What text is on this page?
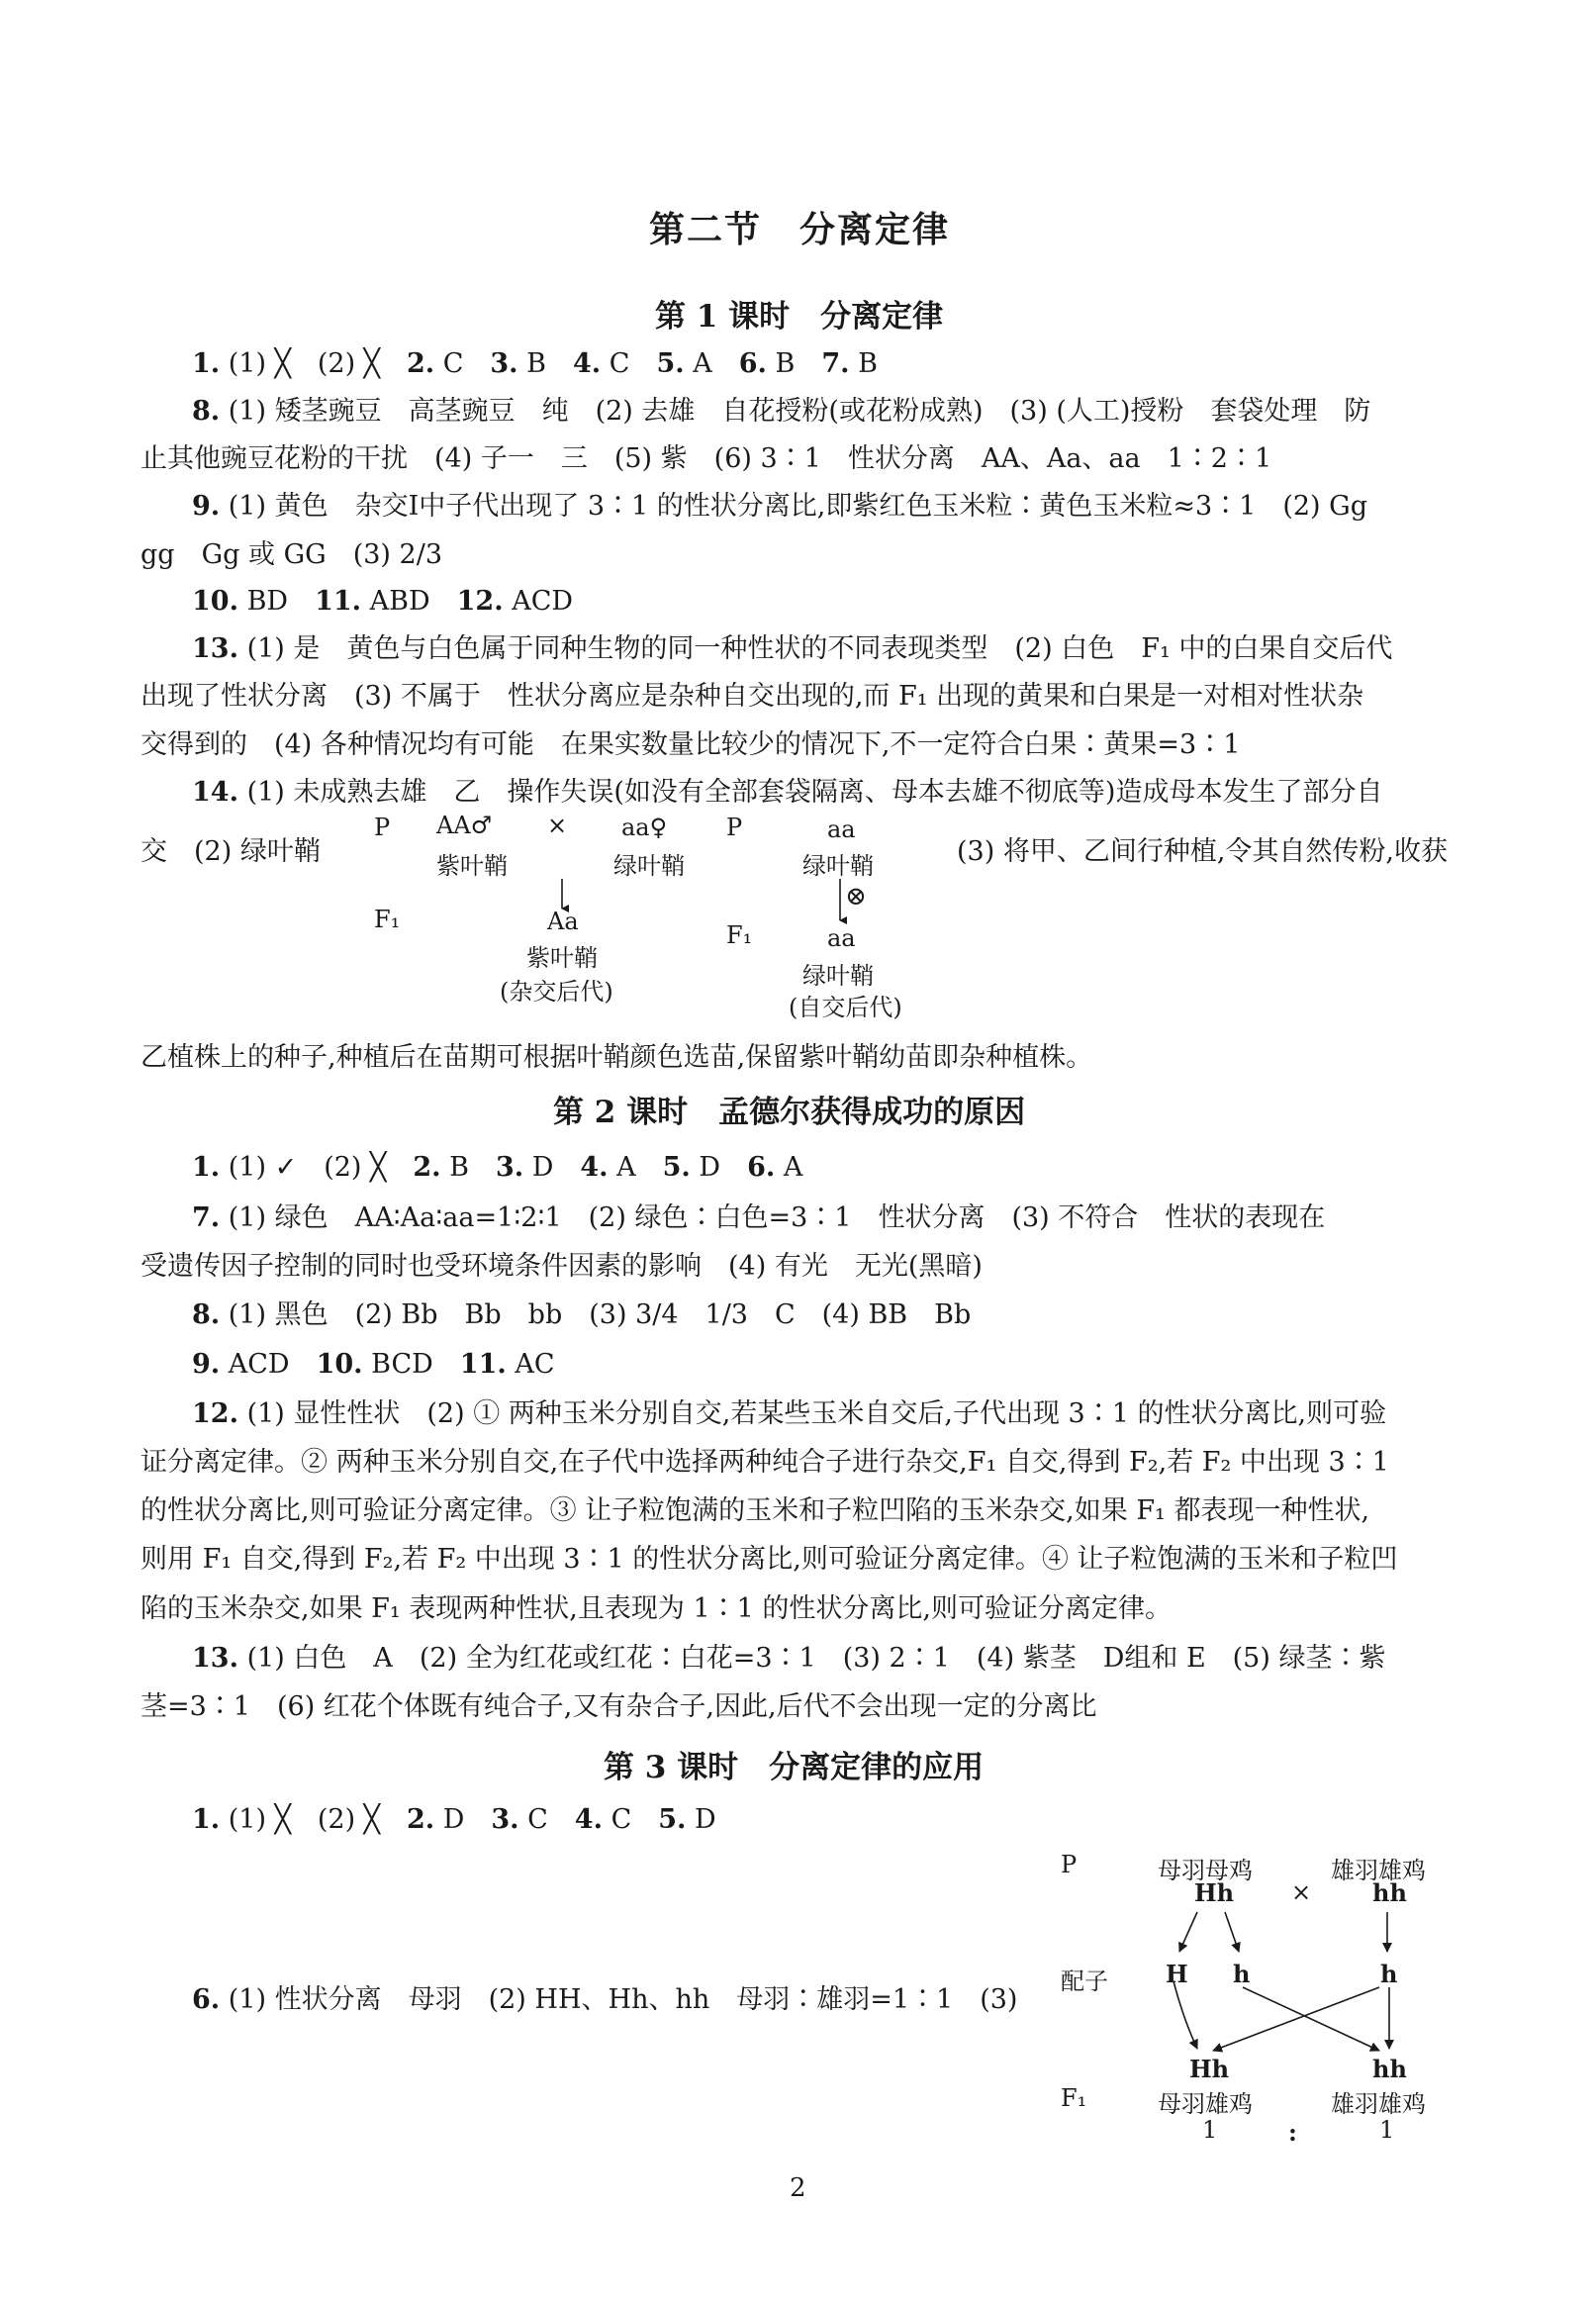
第二节　分离定律
第 1 课时　分离定律
1. (1) ╳　(2) ╳　2. C　3. B　4. C　5. A　6. B　7. B
8. (1) 矮茎豌豆　高茎豌豆　纯　(2) 去雄　自花授粉(或花粉成熟)　(3) (人工)授粉　套袋处理　防
止其他豌豆花粉的干扰　(4) 子一　三　(5) 紫　(6) 3∶1　性状分离　AA、Aa、aa　1∶2∶1
9. (1) 黄色　杂交Ⅰ中子代出现了 3∶1 的性状分离比,即紫红色玉米粒∶黄色玉米粒≈3∶1　(2) Gg
gg　Gg 或 GG　(3) 2/3
10. BD　11. ABD　12. ACD
13. (1) 是　黄色与白色属于同种生物的同一种性状的不同表现类型　(2) 白色　F₁ 中的白果自交后代
出现了性状分离　(3) 不属于　性状分离应是杂种自交出现的,而 F₁ 出现的黄果和白果是一对相对性状杂
交得到的　(4) 各种情况均有可能　在果实数量比较少的情况下,不一定符合白果∶黄果=3∶1
14. (1) 未成熟去雄　乙　操作失误(如没有全部套袋隔离、母本去雄不彻底等)造成母本发生了部分自
交　(2) 绿叶鞘	(3) 将甲、乙间行种植,令其自然传粉,收获
P AA♂ × aa♀
紫叶鞘	绿叶鞘
F₁	Aa
紫叶鞘
(杂交后代)
P	aa
绿叶鞘
⊗
F₁	aa
绿叶鞘
(自交后代)
乙植株上的种子,种植后在苗期可根据叶鞘颜色选苗,保留紫叶鞘幼苗即杂种植株。
第 2 课时　孟德尔获得成功的原因
1. (1) ✓　(2) ╳　2. B　3. D　4. A　5. D　6. A
7. (1) 绿色　AA∶Aa∶aa=1∶2∶1　(2) 绿色∶白色=3∶1　性状分离　(3) 不符合　性状的表现在
受遗传因子控制的同时也受环境条件因素的影响　(4) 有光　无光(黑暗)
8. (1) 黑色　(2) Bb　Bb　bb　(3) 3/4　1/3　C　(4) BB　Bb
9. ACD　10. BCD　11. AC
12. (1) 显性性状　(2) ① 两种玉米分别自交,若某些玉米自交后,子代出现 3∶1 的性状分离比,则可验
证分离定律。② 两种玉米分别自交,在子代中选择两种纯合子进行杂交,F₁ 自交,得到 F₂,若 F₂ 中出现 3∶1
的性状分离比,则可验证分离定律。③ 让子粒饱满的玉米和子粒凹陷的玉米杂交,如果 F₁ 都表现一种性状,
则用 F₁ 自交,得到 F₂,若 F₂ 中出现 3∶1 的性状分离比,则可验证分离定律。④ 让子粒饱满的玉米和子粒凹
陷的玉米杂交,如果 F₁ 表现两种性状,且表现为 1∶1 的性状分离比,则可验证分离定律。
13. (1) 白色　A　(2) 全为红花或红花∶白花=3∶1　(3) 2∶1　(4) 紫茎　D组和 E　(5) 绿茎∶紫
茎=3∶1　(6) 红花个体既有纯合子,又有杂合子,因此,后代不会出现一定的分离比
第 3 课时　分离定律的应用
1. (1) ╳　(2) ╳　2. D　3. C　4. C　5. D
6. (1) 性状分离　母羽　(2) HH、Hh、hh　母羽∶雄羽=1∶1　(3)
P	母羽母鸡
Hh ×
雄羽雄鸡
hh
配子 H h	h
Hh	hh
F₁	母羽雄鸡	雄羽雄鸡
1	:	1
2
